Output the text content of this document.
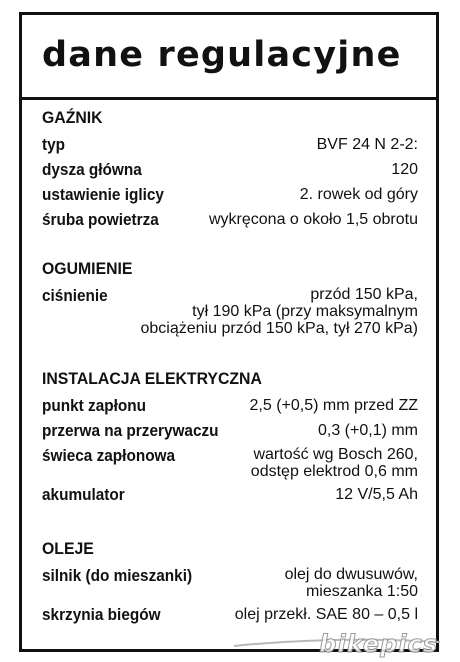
dane regulacyjne
GAŹNIK
typ	BVF 24 N 2-2:
dysza główna	120
ustawienie iglicy	2. rowek od góry
śruba powietrza	wykręcona o około 1,5 obrotu
OGUMIENIE
ciśnienie	przód 150 kPa,
tył 190 kPa (przy maksymalnym
obciążeniu przód 150 kPa, tył 270 kPa)
INSTALACJA ELEKTRYCZNA
punkt zapłonu	2,5 (+0,5) mm przed ZZ
przerwa na przerywaczu	0,3 (+0,1) mm
świeca zapłonowa	wartość wg Bosch 260,
odstęp elektrod 0,6 mm
akumulator	12 V/5,5 Ah
OLEJE
silnik (do mieszanki)	olej do dwusuwów,
mieszanka 1:50
skrzynia biegów	olej przekł. SAE 80 – 0,5 l
bikepics
